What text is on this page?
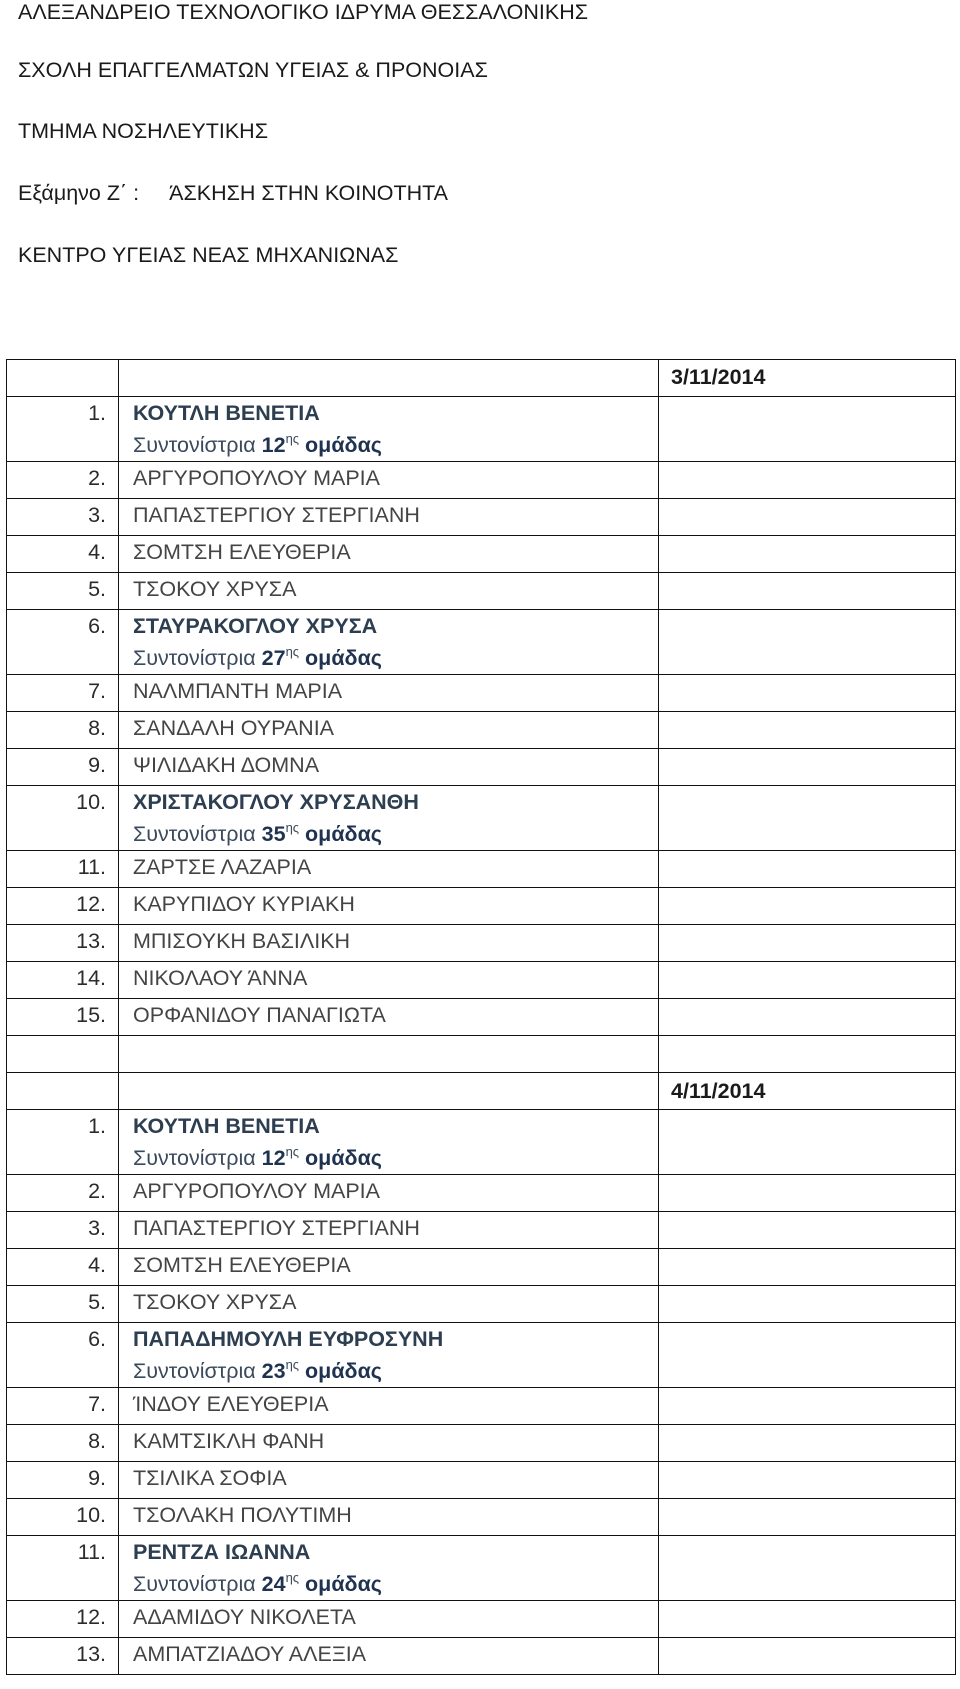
ΑΛΕΞΑΝΔΡΕΙΟ ΤΕΧΝΟΛΟΓΙΚΟ ΙΔΡΥΜΑ ΘΕΣΣΑΛΟΝΙΚΗΣ
ΣΧΟΛΗ ΕΠΑΓΓΕΛΜΑΤΩΝ ΥΓΕΙΑΣ & ΠΡΟΝΟΙΑΣ
ΤΜΗΜΑ ΝΟΣΗΛΕΥΤΙΚΗΣ
Εξάμηνο Ζ΄ : ΆΣΚΗΣΗ ΣΤΗΝ ΚΟΙΝΟΤΗΤΑ
ΚΕΝΤΡΟ ΥΓΕΙΑΣ ΝΕΑΣ ΜΗΧΑΝΙΩΝΑΣ
3/11/2014
1. ΚΟΥΤΛΗ ΒΕΝΕΤΙΑ
Συντονίστρια $12^{\eta\varsigma}$ ομάδας
2. ΑΡΓΥΡΟΠΟΥΛΟΥ ΜΑΡΙΑ
3. ΠΑΠΑΣΤΕΡΓΙΟΥ ΣΤΕΡΓΙΑΝΗ
4. ΣΟΜΤΣΗ ΕΛΕΥΘΕΡΙΑ
5. ΤΣΟΚΟΥ ΧΡΥΣΑ
6. ΣΤΑΥΡΑΚΟΓΛΟΥ ΧΡΥΣΑ
Συντονίστρια $27^{\eta\varsigma}$ ομάδας
7. ΝΑΛΜΠΑΝΤΗ ΜΑΡΙΑ
8. ΣΑΝΔΑΛΗ ΟΥΡΑΝΙΑ
9. ΨΙΛΙΔΑΚΗ ΔΟΜΝΑ
10. ΧΡΙΣΤΑΚΟΓΛΟΥ ΧΡΥΣΑΝΘΗ
Συντονίστρια $35^{\eta\varsigma}$ ομάδας
11. ΖΑΡΤΣΕ ΛΑΖΑΡΙΑ
12. ΚΑΡΥΠΙΔΟΥ ΚΥΡΙΑΚΗ
13. ΜΠΙΣΟΥΚΗ ΒΑΣΙΛΙΚΗ
14. ΝΙΚΟΛΑΟΥ ΆΝΝΑ
15. ΟΡΦΑΝΙΔΟΥ ΠΑΝΑΓΙΩΤΑ
1. ΚΟΥΤΛΗ ΒΕΝΕΤΙΑ
Συντονίστρια $12^{\eta\varsigma}$ ομάδας
4/11/2014
2. ΑΡΓΥΡΟΠΟΥΛΟΥ ΜΑΡΙΑ
3. ΠΑΠΑΣΤΕΡΓΙΟΥ ΣΤΕΡΓΙΑΝΗ
4. ΣΟΜΤΣΗ ΕΛΕΥΘΕΡΙΑ
5. ΤΣΟΚΟΥ ΧΡΥΣΑ
6. ΠΑΠΑΔΗΜΟΥΛΗ ΕΥΦΡΟΣΥΝΗ
Συντονίστρια $23^{\eta\varsigma}$ ομάδας
7. ΊΝΔΟΥ ΕΛΕΥΘΕΡΙΑ
8. ΚΑΜΤΣΙΚΛΗ ΦΑΝΗ
9. ΤΣΙΛΙΚΑ ΣΟΦΙΑ
10. ΤΣΟΛΑΚΗ ΠΟΛΥΤΙΜΗ
11. ΡΕΝΤΖΑ ΙΩΑΝΝΑ
Συντονίστρια $24^{\eta\varsigma}$ ομάδας
12. ΑΔΑΜΙΔΟΥ ΝΙΚΟΛΕΤΑ
13. ΑΜΠΑΤΖΙΑΔΟΥ ΑΛΕΞΙΑ
